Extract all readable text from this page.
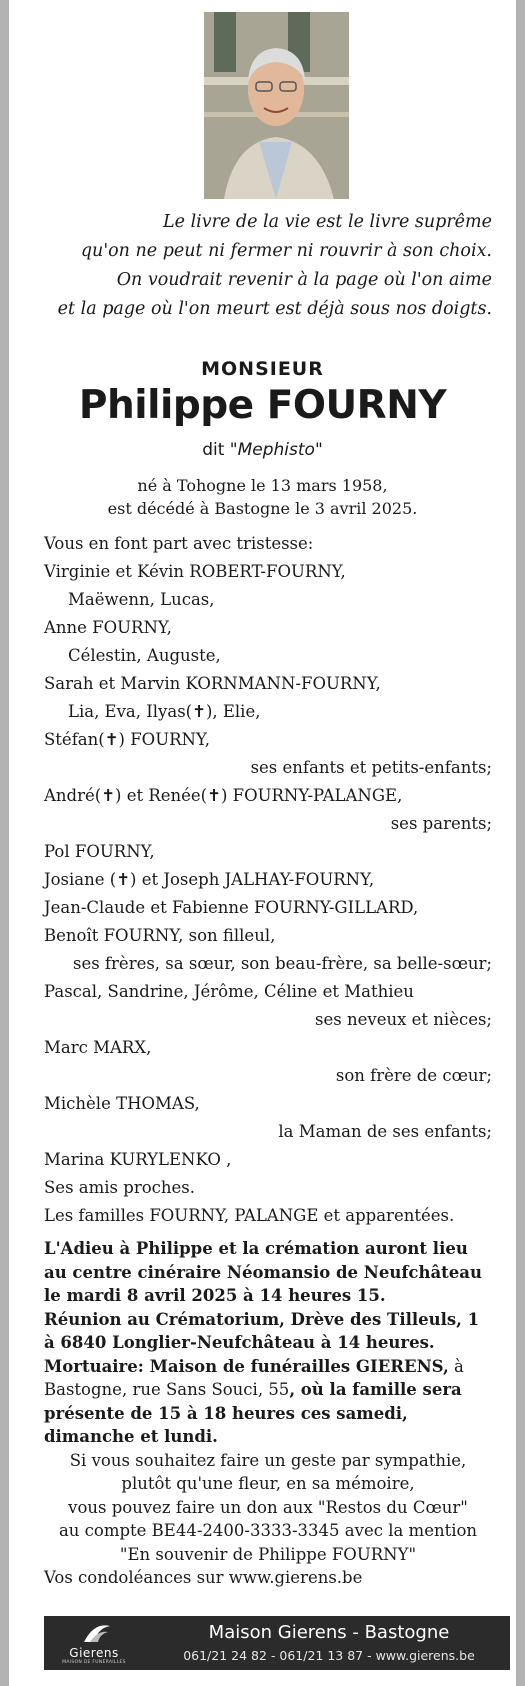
Le livre de la vie est le livre suprême
qu'on ne peut ni fermer ni rouvrir à son choix.
On voudrait revenir à la page où l'on aime
et la page où l'on meurt est déjà sous nos doigts.
MONSIEUR
Philippe FOURNY
dit "Mephisto"
né à Tohogne le 13 mars 1958,
est décédé à Bastogne le 3 avril 2025.
Vous en font part avec tristesse:
Virginie et Kévin ROBERT-FOURNY,
Maëwenn, Lucas,
Anne FOURNY,
Célestin, Auguste,
Sarah et Marvin KORNMANN-FOURNY,
Lia, Eva, Ilyas(✝), Elie,
Stéfan(✝) FOURNY,
ses enfants et petits-enfants;
André(✝) et Renée(✝) FOURNY-PALANGE,
ses parents;
Pol FOURNY,
Josiane (✝) et Joseph JALHAY-FOURNY,
Jean-Claude et Fabienne FOURNY-GILLARD,
Benoît FOURNY, son filleul,
ses frères, sa sœur, son beau-frère, sa belle-sœur;
Pascal, Sandrine, Jérôme, Céline et Mathieu
ses neveux et nièces;
Marc MARX,
son frère de cœur;
Michèle THOMAS,
la Maman de ses enfants;
Marina KURYLENKO ,
Ses amis proches.
Les familles FOURNY, PALANGE et apparentées.
L'Adieu à Philippe et la crémation auront lieu au centre cinéraire Néomansio de Neufchâteau le mardi 8 avril 2025 à 14 heures 15.
Réunion au Crématorium, Drève des Tilleuls, 1 à 6840 Longlier-Neufchâteau à 14 heures.
Mortuaire: Maison de funérailles GIERENS, à Bastogne, rue Sans Souci, 55, où la famille sera présente de 15 à 18 heures ces samedi, dimanche et lundi.
Si vous souhaitez faire un geste par sympathie,
plutôt qu'une fleur, en sa mémoire,
vous pouvez faire un don aux "Restos du Cœur"
au compte BE44-2400-3333-3345 avec la mention
"En souvenir de Philippe FOURNY"
Vos condoléances sur www.gierens.be
Gierens
MAISON DE FUNÉRAILLES
Maison Gierens - Bastogne
061/21 24 82 - 061/21 13 87 - www.gierens.be
